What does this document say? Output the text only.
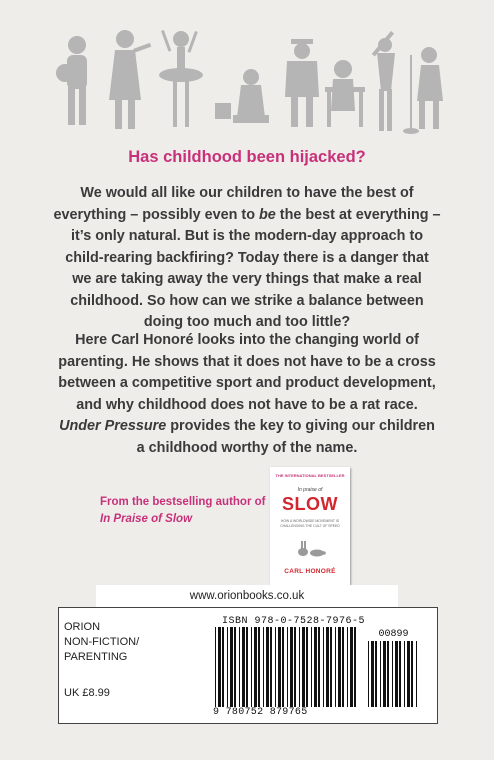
Has childhood been hijacked?
We would all like our children to have the best of
everything – possibly even to be the best at everything –
it’s only natural. But is the modern-day approach to
child-rearing backfiring? Today there is a danger that
we are taking away the very things that make a real
childhood. So how can we strike a balance between
doing too much and too little?
Here Carl Honoré looks into the changing world of
parenting. He shows that it does not have to be a cross
between a competitive sport and product development,
and why childhood does not have to be a rat race.
Under Pressure provides the key to giving our children
a childhood worthy of the name.
From the bestselling author of
In Praise of Slow
THE INTERNATIONAL BESTSELLER
In praise of
SLOW
HOW A WORLDWIDE MOVEMENT IS CHALLENGING THE CULT OF SPEED
CARL HONORÉ
www.orionbooks.co.uk
ORION
NON-FICTION/
PARENTING
UK £8.99
ISBN 978-0-7528-7976-5
00899
9 780752 879765
